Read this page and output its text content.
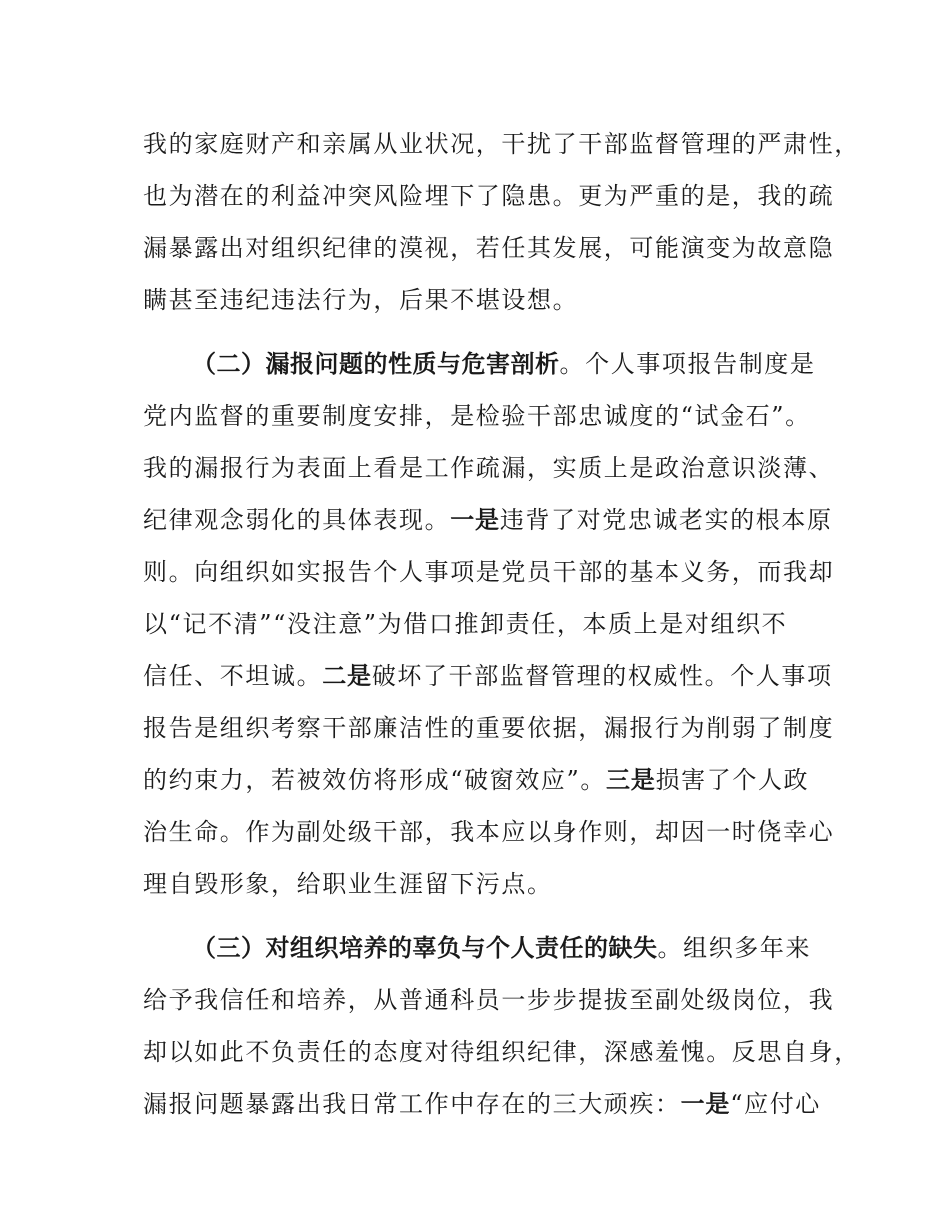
我的家庭财产和亲属从业状况，干扰了干部监督管理的严肃性，
也为潜在的利益冲突风险埋下了隐患。更为严重的是，我的疏
漏暴露出对组织纪律的漠视，若任其发展，可能演变为故意隐
瞒甚至违纪违法行为，后果不堪设想。

（二）漏报问题的性质与危害剖析。个人事项报告制度是
党内监督的重要制度安排，是检验干部忠诚度的“试金石”。
我的漏报行为表面上看是工作疏漏，实质上是政治意识淡薄、
纪律观念弱化的具体表现。一是违背了对党忠诚老实的根本原
则。向组织如实报告个人事项是党员干部的基本义务，而我却
以“记不清”“没注意”为借口推卸责任，本质上是对组织不
信任、不坦诚。二是破坏了干部监督管理的权威性。个人事项
报告是组织考察干部廉洁性的重要依据，漏报行为削弱了制度
的约束力，若被效仿将形成“破窗效应”。三是损害了个人政
治生命。作为副处级干部，我本应以身作则，却因一时侥幸心
理自毁形象，给职业生涯留下污点。

（三）对组织培养的辜负与个人责任的缺失。组织多年来
给予我信任和培养，从普通科员一步步提拔至副处级岗位，我
却以如此不负责任的态度对待组织纪律，深感羞愧。反思自身，
漏报问题暴露出我日常工作中存在的三大顽疾：一是“应付心
